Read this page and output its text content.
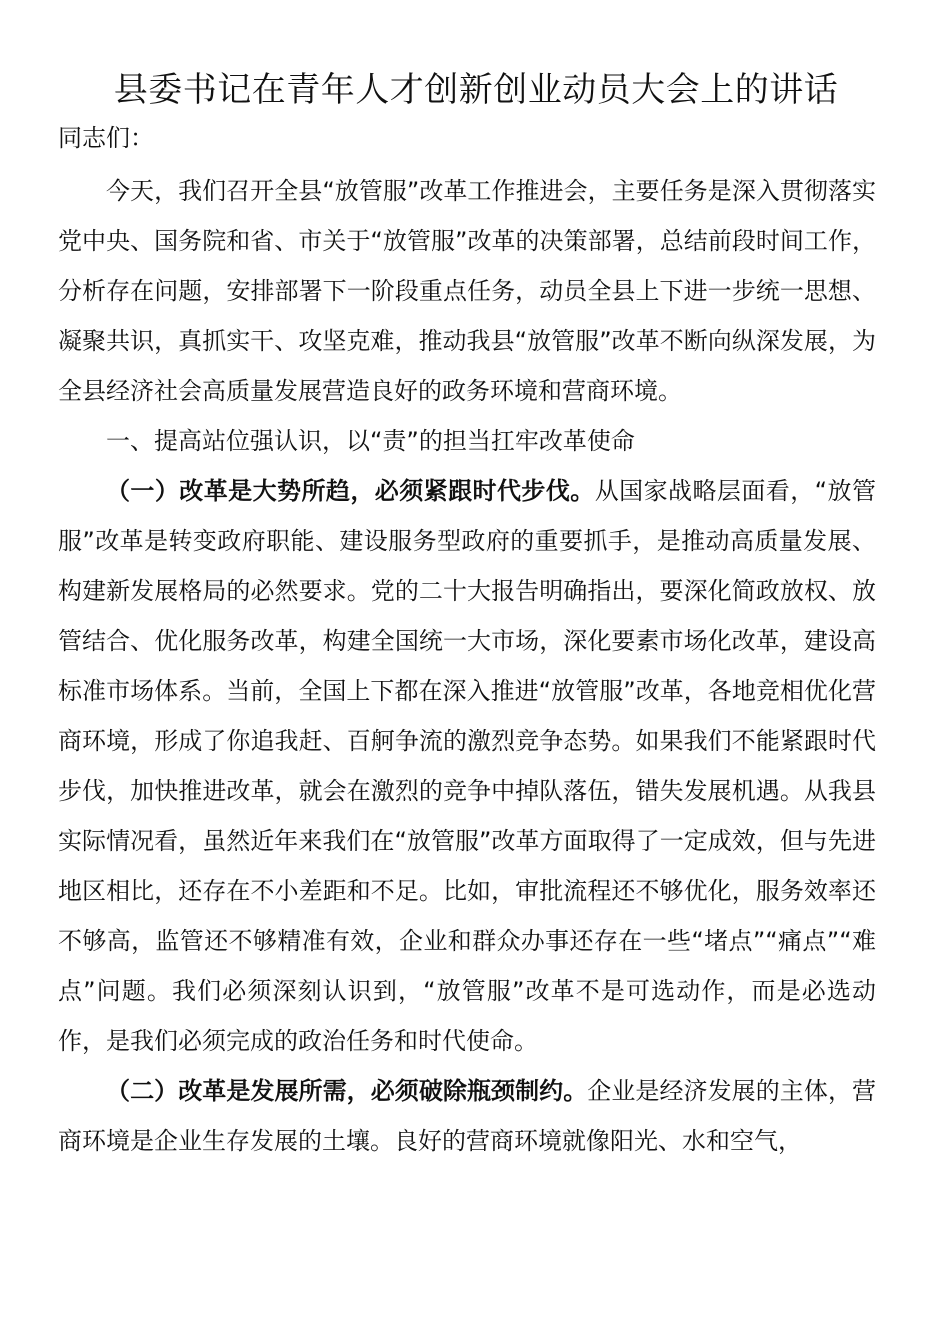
县委书记在青年人才创新创业动员大会上的讲话

同志们：

今天，我们召开全县“放管服”改革工作推进会，主要任务是深入贯彻落实党中央、国务院和省、市关于“放管服”改革的决策部署，总结前段时间工作，分析存在问题，安排部署下一阶段重点任务，动员全县上下进一步统一思想、凝聚共识，真抓实干、攻坚克难，推动我县“放管服”改革不断向纵深发展，为全县经济社会高质量发展营造良好的政务环境和营商环境。

一、提高站位强认识，以“责”的担当扛牢改革使命

（一）改革是大势所趋，必须紧跟时代步伐。从国家战略层面看，“放管服”改革是转变政府职能、建设服务型政府的重要抓手，是推动高质量发展、构建新发展格局的必然要求。党的二十大报告明确指出，要深化简政放权、放管结合、优化服务改革，构建全国统一大市场，深化要素市场化改革，建设高标准市场体系。当前，全国上下都在深入推进“放管服”改革，各地竞相优化营商环境，形成了你追我赶、百舸争流的激烈竞争态势。如果我们不能紧跟时代步伐，加快推进改革，就会在激烈的竞争中掉队落伍，错失发展机遇。从我县实际情况看，虽然近年来我们在“放管服”改革方面取得了一定成效，但与先进地区相比，还存在不小差距和不足。比如，审批流程还不够优化，服务效率还不够高，监管还不够精准有效，企业和群众办事还存在一些“堵点”“痛点”“难点”问题。我们必须深刻认识到，“放管服”改革不是可选动作，而是必选动作，是我们必须完成的政治任务和时代使命。

（二）改革是发展所需，必须破除瓶颈制约。企业是经济发展的主体，营商环境是企业生存发展的土壤。良好的营商环境就像阳光、水和空气，
